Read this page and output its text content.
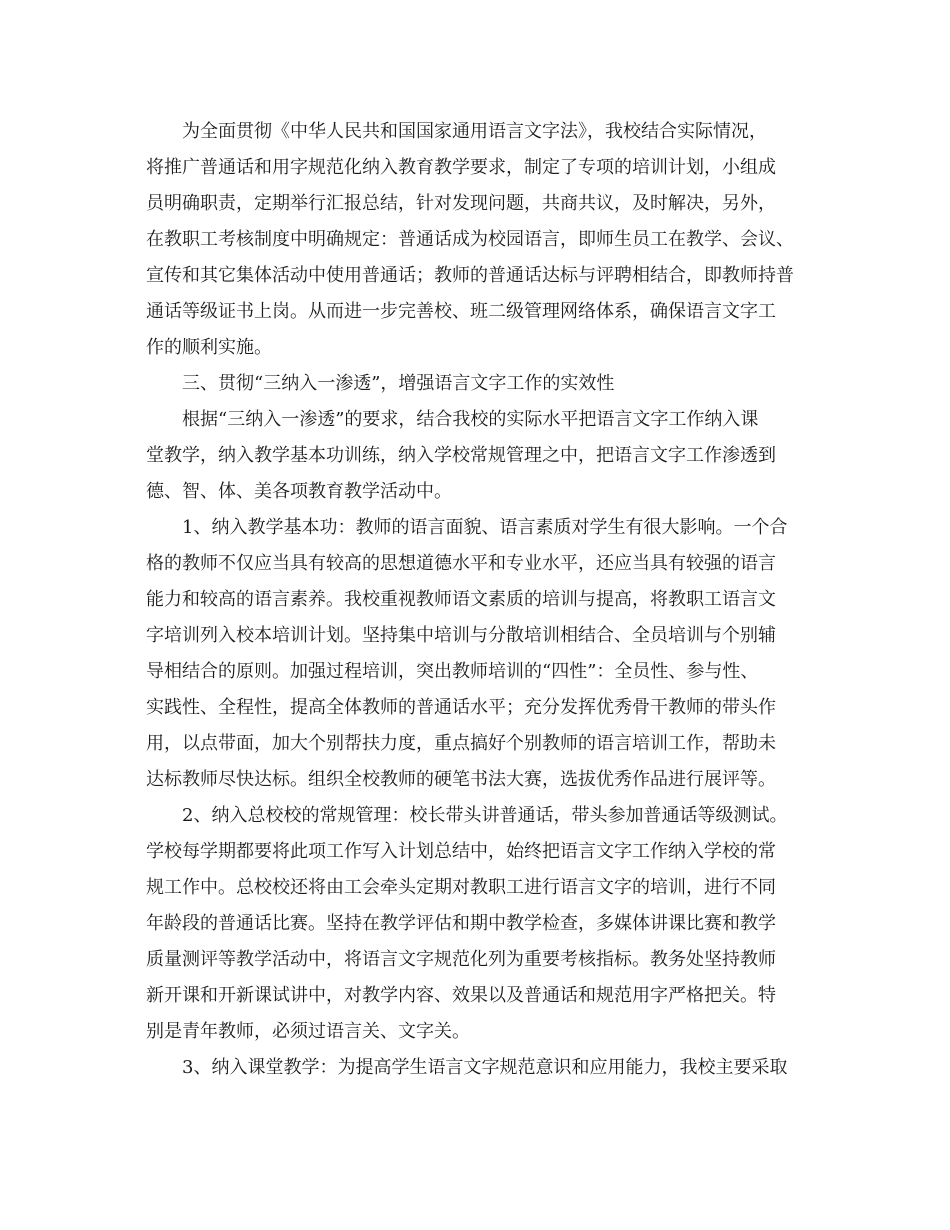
为全面贯彻《中华人民共和国国家通用语言文字法》，我校结合实际情况，
将推广普通话和用字规范化纳入教育教学要求，制定了专项的培训计划，小组成
员明确职责，定期举行汇报总结，针对发现问题，共商共议，及时解决，另外，
在教职工考核制度中明确规定：普通话成为校园语言，即师生员工在教学、会议、
宣传和其它集体活动中使用普通话；教师的普通话达标与评聘相结合，即教师持普
通话等级证书上岗。从而进一步完善校、班二级管理网络体系，确保语言文字工
作的顺利实施。
三、贯彻“三纳入一渗透”，增强语言文字工作的实效性
根据“三纳入一渗透”的要求，结合我校的实际水平把语言文字工作纳入课
堂教学，纳入教学基本功训练，纳入学校常规管理之中，把语言文字工作渗透到
德、智、体、美各项教育教学活动中。
1、纳入教学基本功：教师的语言面貌、语言素质对学生有很大影响。一个合
格的教师不仅应当具有较高的思想道德水平和专业水平，还应当具有较强的语言
能力和较高的语言素养。我校重视教师语文素质的培训与提高，将教职工语言文
字培训列入校本培训计划。坚持集中培训与分散培训相结合、全员培训与个别辅
导相结合的原则。加强过程培训，突出教师培训的“四性”：全员性、参与性、
实践性、全程性，提高全体教师的普通话水平；充分发挥优秀骨干教师的带头作
用，以点带面，加大个别帮扶力度，重点搞好个别教师的语言培训工作，帮助未
达标教师尽快达标。组织全校教师的硬笔书法大赛，选拔优秀作品进行展评等。
2、纳入总校校的常规管理：校长带头讲普通话，带头参加普通话等级测试。
学校每学期都要将此项工作写入计划总结中，始终把语言文字工作纳入学校的常
规工作中。总校校还将由工会牵头定期对教职工进行语言文字的培训，进行不同
年龄段的普通话比赛。坚持在教学评估和期中教学检查，多媒体讲课比赛和教学
质量测评等教学活动中，将语言文字规范化列为重要考核指标。教务处坚持教师
新开课和开新课试讲中，对教学内容、效果以及普通话和规范用字严格把关。特
别是青年教师，必须过语言关、文字关。
3、纳入课堂教学：为提高学生语言文字规范意识和应用能力，我校主要采取
